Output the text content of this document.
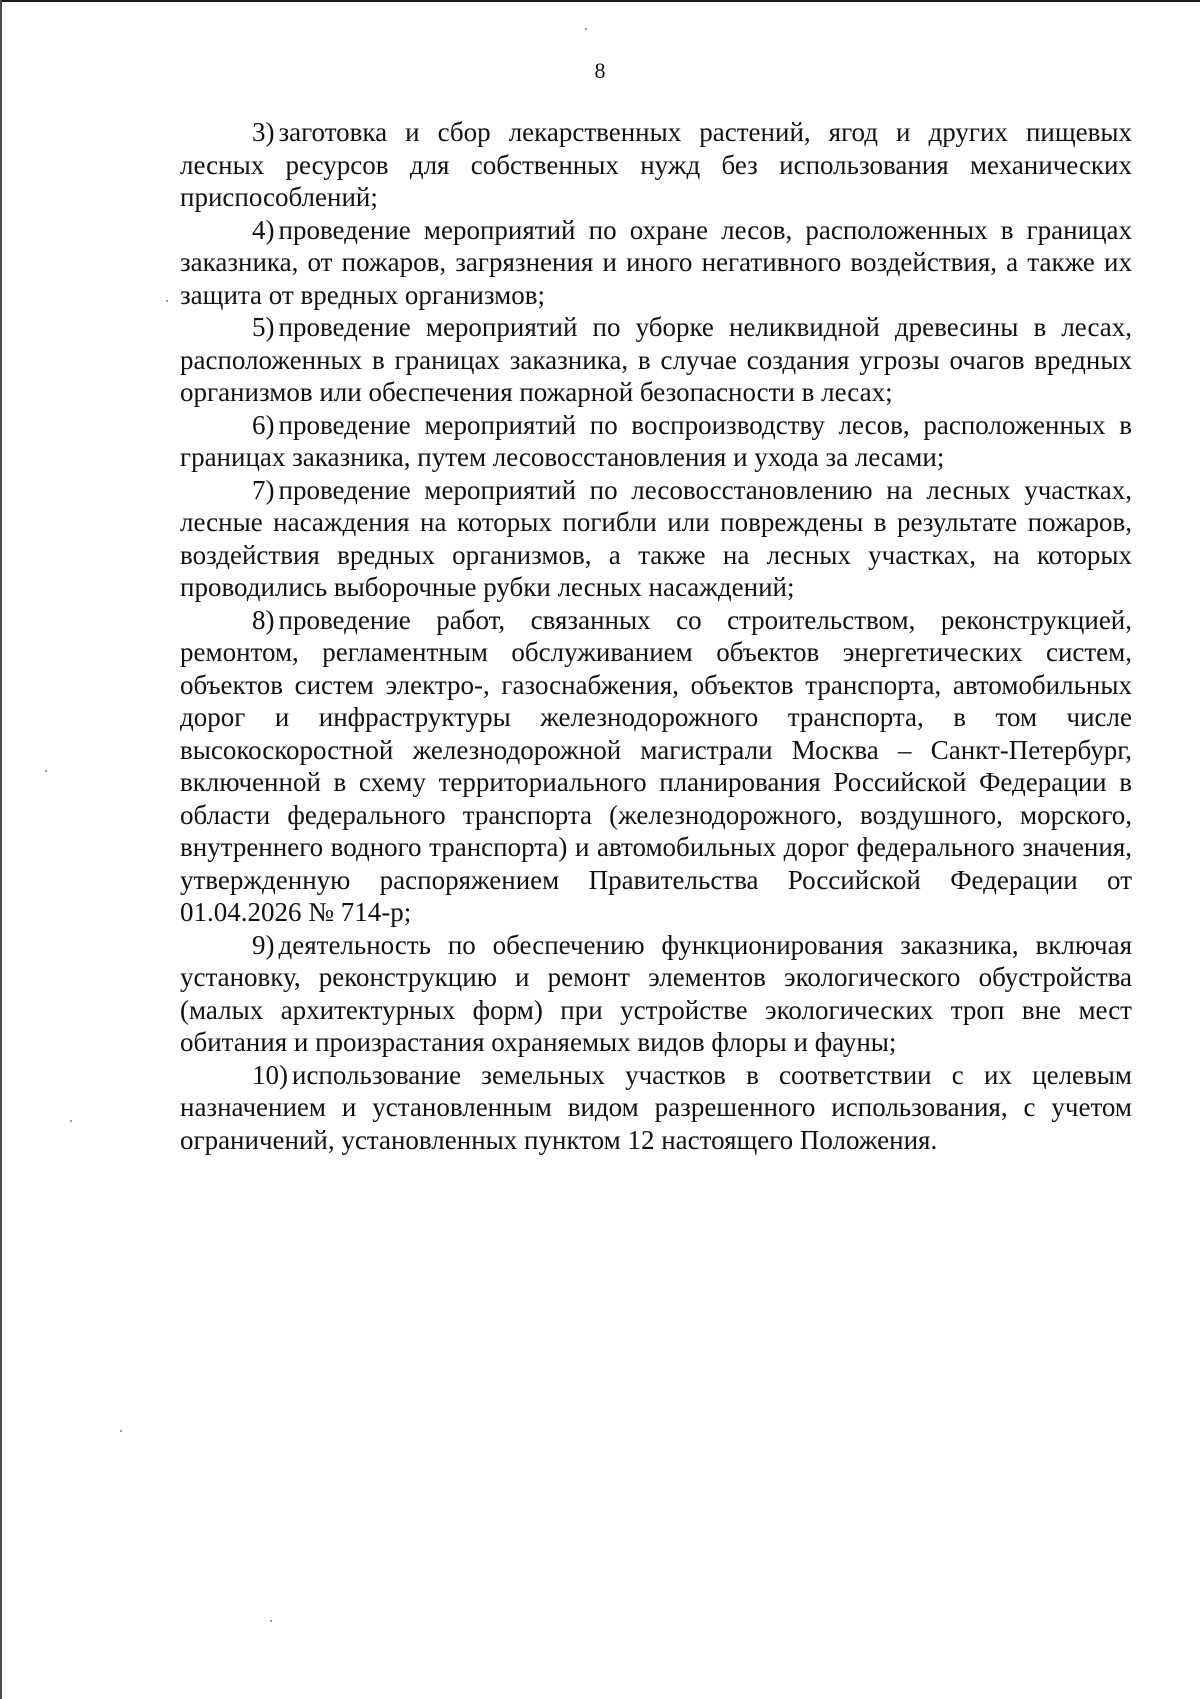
8

3) заготовка и сбор лекарственных растений, ягод и других пищевых лесных ресурсов для собственных нужд без использования механических приспособлений;

4) проведение мероприятий по охране лесов, расположенных в границах заказника, от пожаров, загрязнения и иного негативного воздействия, а также их защита от вредных организмов;

5) проведение мероприятий по уборке неликвидной древесины в лесах, расположенных в границах заказника, в случае создания угрозы очагов вредных организмов или обеспечения пожарной безопасности в лесах;

6) проведение мероприятий по воспроизводству лесов, расположенных в границах заказника, путем лесовосстановления и ухода за лесами;

7) проведение мероприятий по лесовосстановлению на лесных участках, лесные насаждения на которых погибли или повреждены в результате пожаров, воздействия вредных организмов, а также на лесных участках, на которых проводились выборочные рубки лесных насаждений;

8) проведение работ, связанных со строительством, реконструкцией, ремонтом, регламентным обслуживанием объектов энергетических систем, объектов систем электро-, газоснабжения, объектов транспорта, автомобильных дорог и инфраструктуры железнодорожного транспорта, в том числе высокоскоростной железнодорожной магистрали Москва – Санкт-Петербург, включенной в схему территориального планирования Российской Федерации в области федерального транспорта (железнодорожного, воздушного, морского, внутреннего водного транспорта) и автомобильных дорог федерального значения, утвержденную распоряжением Правительства Российской Федерации от 01.04.2026 № 714-р;

9) деятельность по обеспечению функционирования заказника, включая установку, реконструкцию и ремонт элементов экологического обустройства (малых архитектурных форм) при устройстве экологических троп вне мест обитания и произрастания охраняемых видов флоры и фауны;

10) использование земельных участков в соответствии с их целевым назначением и установленным видом разрешенного использования, с учетом ограничений, установленных пунктом 12 настоящего Положения.
